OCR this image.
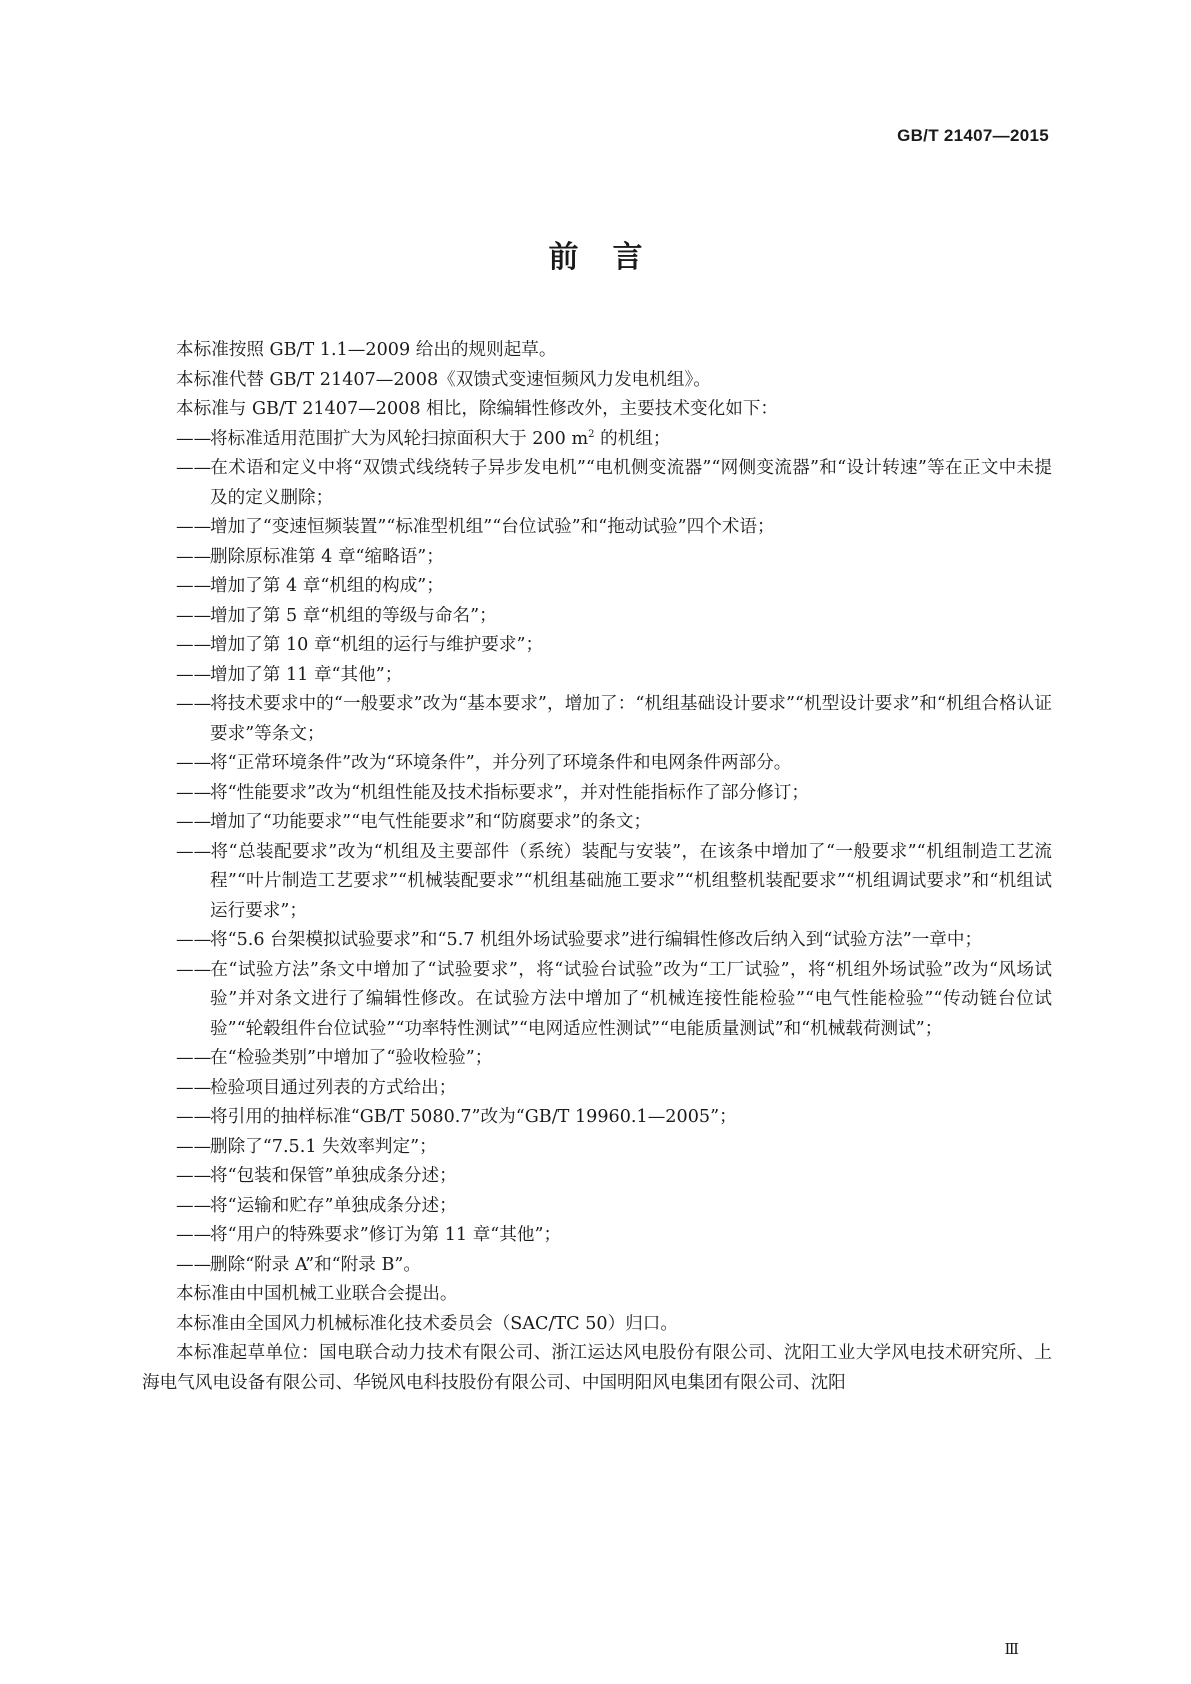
GB/T 21407—2015
前言

本标准按照 GB/T 1.1—2009 给出的规则起草。

本标准代替 GB/T 21407—2008《双馈式变速恒频风力发电机组》。

本标准与 GB/T 21407—2008 相比，除编辑性修改外，主要技术变化如下：

——将标准适用范围扩大为风轮扫掠面积大于 200 $m^2$ 的机组；

——在术语和定义中将“双馈式线绕转子异步发电机”“电机侧变流器”“网侧变流器”和“设计转速”等在正文中未提及的定义删除；

——增加了“变速恒频装置”“标准型机组”“台位试验”和“拖动试验”四个术语；

——删除原标准第 4 章“缩略语”；

——增加了第 4 章“机组的构成”；

——增加了第 5 章“机组的等级与命名”；

——增加了第 10 章“机组的运行与维护要求”；

——增加了第 11 章“其他”；

——将技术要求中的“一般要求”改为“基本要求”，增加了：“机组基础设计要求”“机型设计要求”和“机组合格认证要求”等条文；

——将“正常环境条件”改为“环境条件”，并分列了环境条件和电网条件两部分。

——将“性能要求”改为“机组性能及技术指标要求”，并对性能指标作了部分修订；

——增加了“功能要求”“电气性能要求”和“防腐要求”的条文；

——将“总装配要求”改为“机组及主要部件（系统）装配与安装”，在该条中增加了“一般要求”“机组制造工艺流程”“叶片制造工艺要求”“机械装配要求”“机组基础施工要求”“机组整机装配要求”“机组调试要求”和“机组试运行要求”；

——将“5.6 台架模拟试验要求”和“5.7 机组外场试验要求”进行编辑性修改后纳入到“试验方法”一章中；

——在“试验方法”条文中增加了“试验要求”，将“试验台试验”改为“工厂试验”，将“机组外场试验”改为“风场试验”并对条文进行了编辑性修改。在试验方法中增加了“机械连接性能检验”“电气性能检验”“传动链台位试验”“轮毂组件台位试验”“功率特性测试”“电网适应性测试”“电能质量测试”和“机械载荷测试”；

——在“检验类别”中增加了“验收检验”；

——检验项目通过列表的方式给出；

——将引用的抽样标准“GB/T 5080.7”改为“GB/T 19960.1—2005”；

——删除了“7.5.1 失效率判定”；

——将“包装和保管”单独成条分述；

——将“运输和贮存”单独成条分述；

——将“用户的特殊要求”修订为第 11 章“其他”；

——删除“附录 A”和“附录 B”。

本标准由中国机械工业联合会提出。

本标准由全国风力机械标准化技术委员会（SAC/TC 50）归口。

本标准起草单位：国电联合动力技术有限公司、浙江运达风电股份有限公司、沈阳工业大学风电技术研究所、上海电气风电设备有限公司、华锐风电科技股份有限公司、中国明阳风电集团有限公司、沈阳

Ⅲ
